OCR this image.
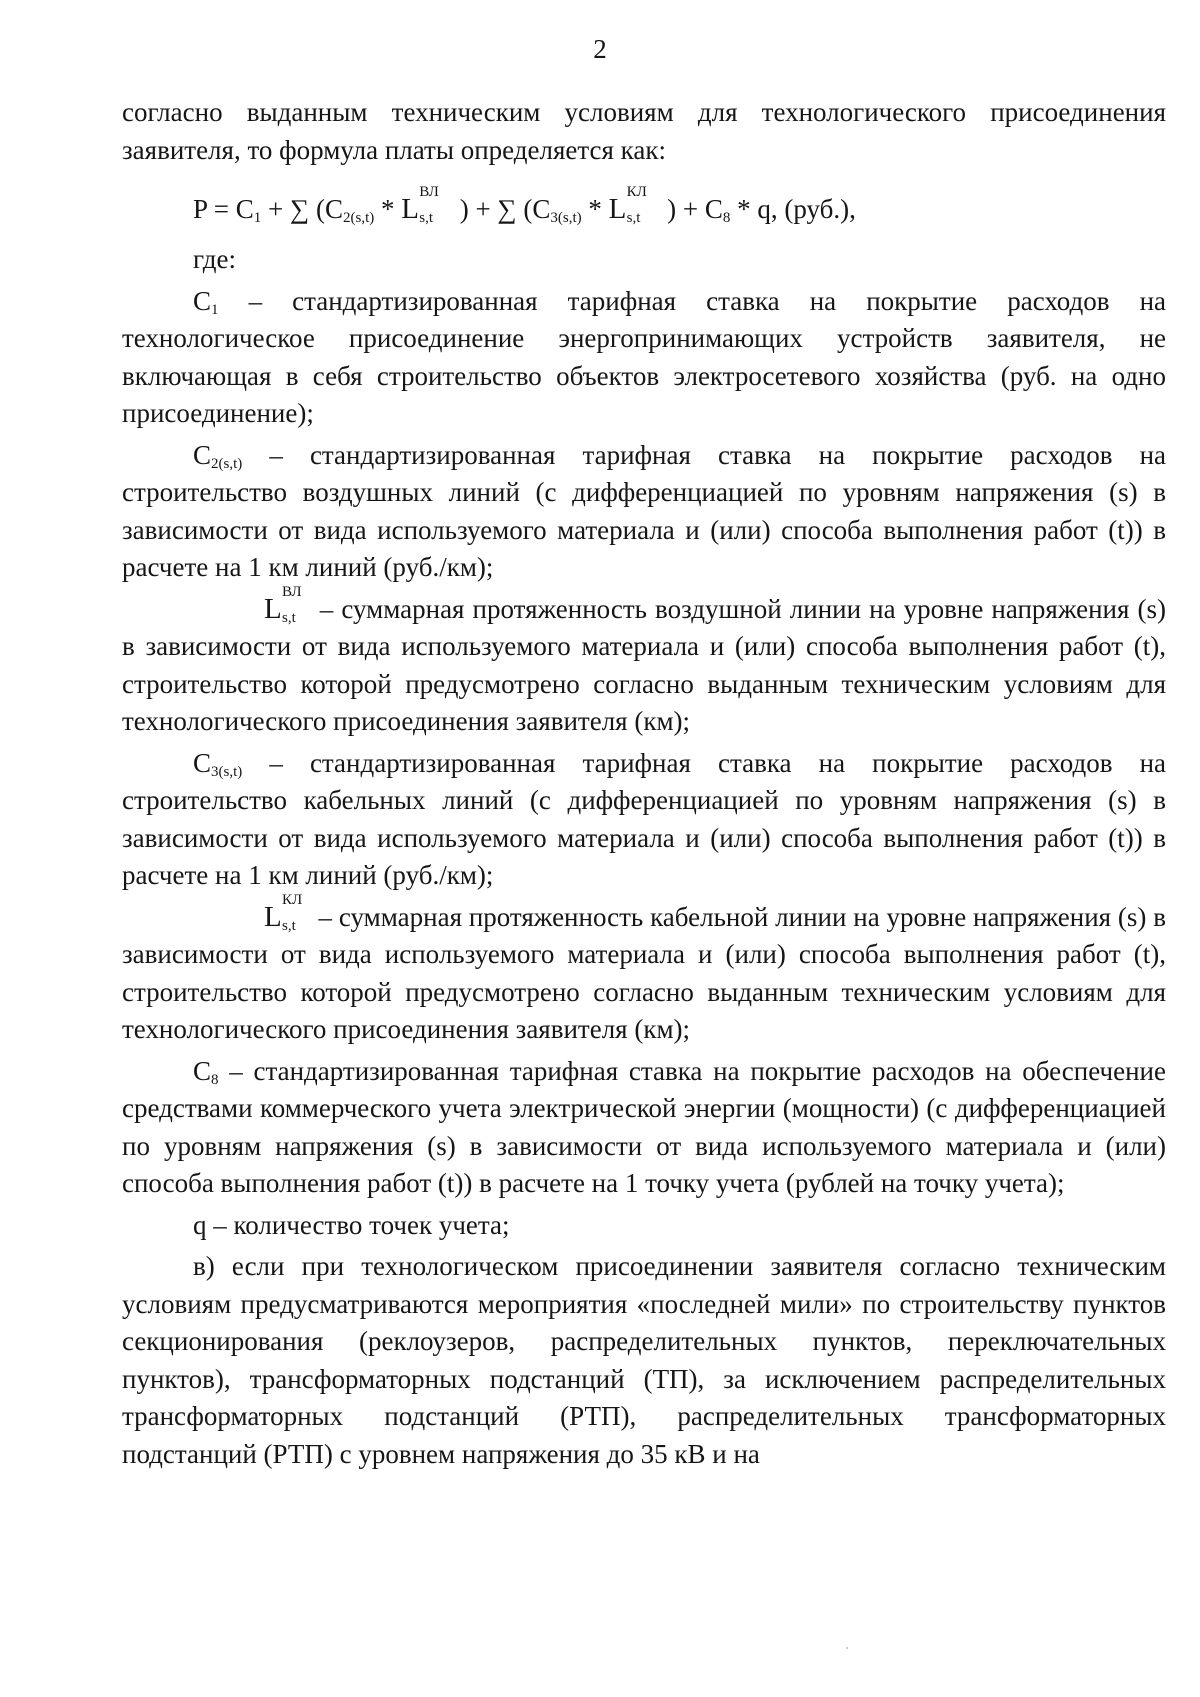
2

согласно выданным техническим условиям для технологического присоединения заявителя, то формула платы определяется как:

$P = C_1$ + ∑ ($C_{2(s,t)}$ * L
ВЛ
s,t ) + ∑ ($C_{3(s,t)}$ * L
КЛ
s,t ) + $C_8$ * q, (руб.),

где:

$C_1$ – стандартизированная тарифная ставка на покрытие расходов на технологическое присоединение энергопринимающих устройств заявителя, не включающая в себя строительство объектов электросетевого хозяйства (руб. на одно присоединение);

$C_{2(s,t)}$ – стандартизированная тарифная ставка на покрытие расходов на строительство воздушных линий (с дифференциацией по уровням напряжения (s) в зависимости от вида используемого материала и (или) способа выполнения работ (t)) в расчете на 1 км линий (руб./км);

L
ВЛ
s,t – суммарная протяженность воздушной линии на уровне напряжения (s) в зависимости от вида используемого материала и (или) способа выполнения работ (t), строительство которой предусмотрено согласно выданным техническим условиям для технологического присоединения заявителя (км);

$C_{3(s,t)}$ – стандартизированная тарифная ставка на покрытие расходов на строительство кабельных линий (с дифференциацией по уровням напряжения (s) в зависимости от вида используемого материала и (или) способа выполнения работ (t)) в расчете на 1 км линий (руб./км);

L
КЛ
s,t – суммарная протяженность кабельной линии на уровне напряжения (s) в зависимости от вида используемого материала и (или) способа выполнения работ (t), строительство которой предусмотрено согласно выданным техническим условиям для технологического присоединения заявителя (км);

$C_8$ – стандартизированная тарифная ставка на покрытие расходов на обеспечение средствами коммерческого учета электрической энергии (мощности) (с дифференциацией по уровням напряжения (s) в зависимости от вида используемого материала и (или) способа выполнения работ (t)) в расчете на 1 точку учета (рублей на точку учета);

q – количество точек учета;

в) если при технологическом присоединении заявителя согласно техническим условиям предусматриваются мероприятия «последней мили» по строительству пунктов секционирования (реклоузеров, распределительных пунктов, переключательных пунктов), трансформаторных подстанций (ТП), за исключением распределительных трансформаторных подстанций (РТП), распределительных трансформаторных подстанций (РТП) с уровнем напряжения до 35 кВ и на
